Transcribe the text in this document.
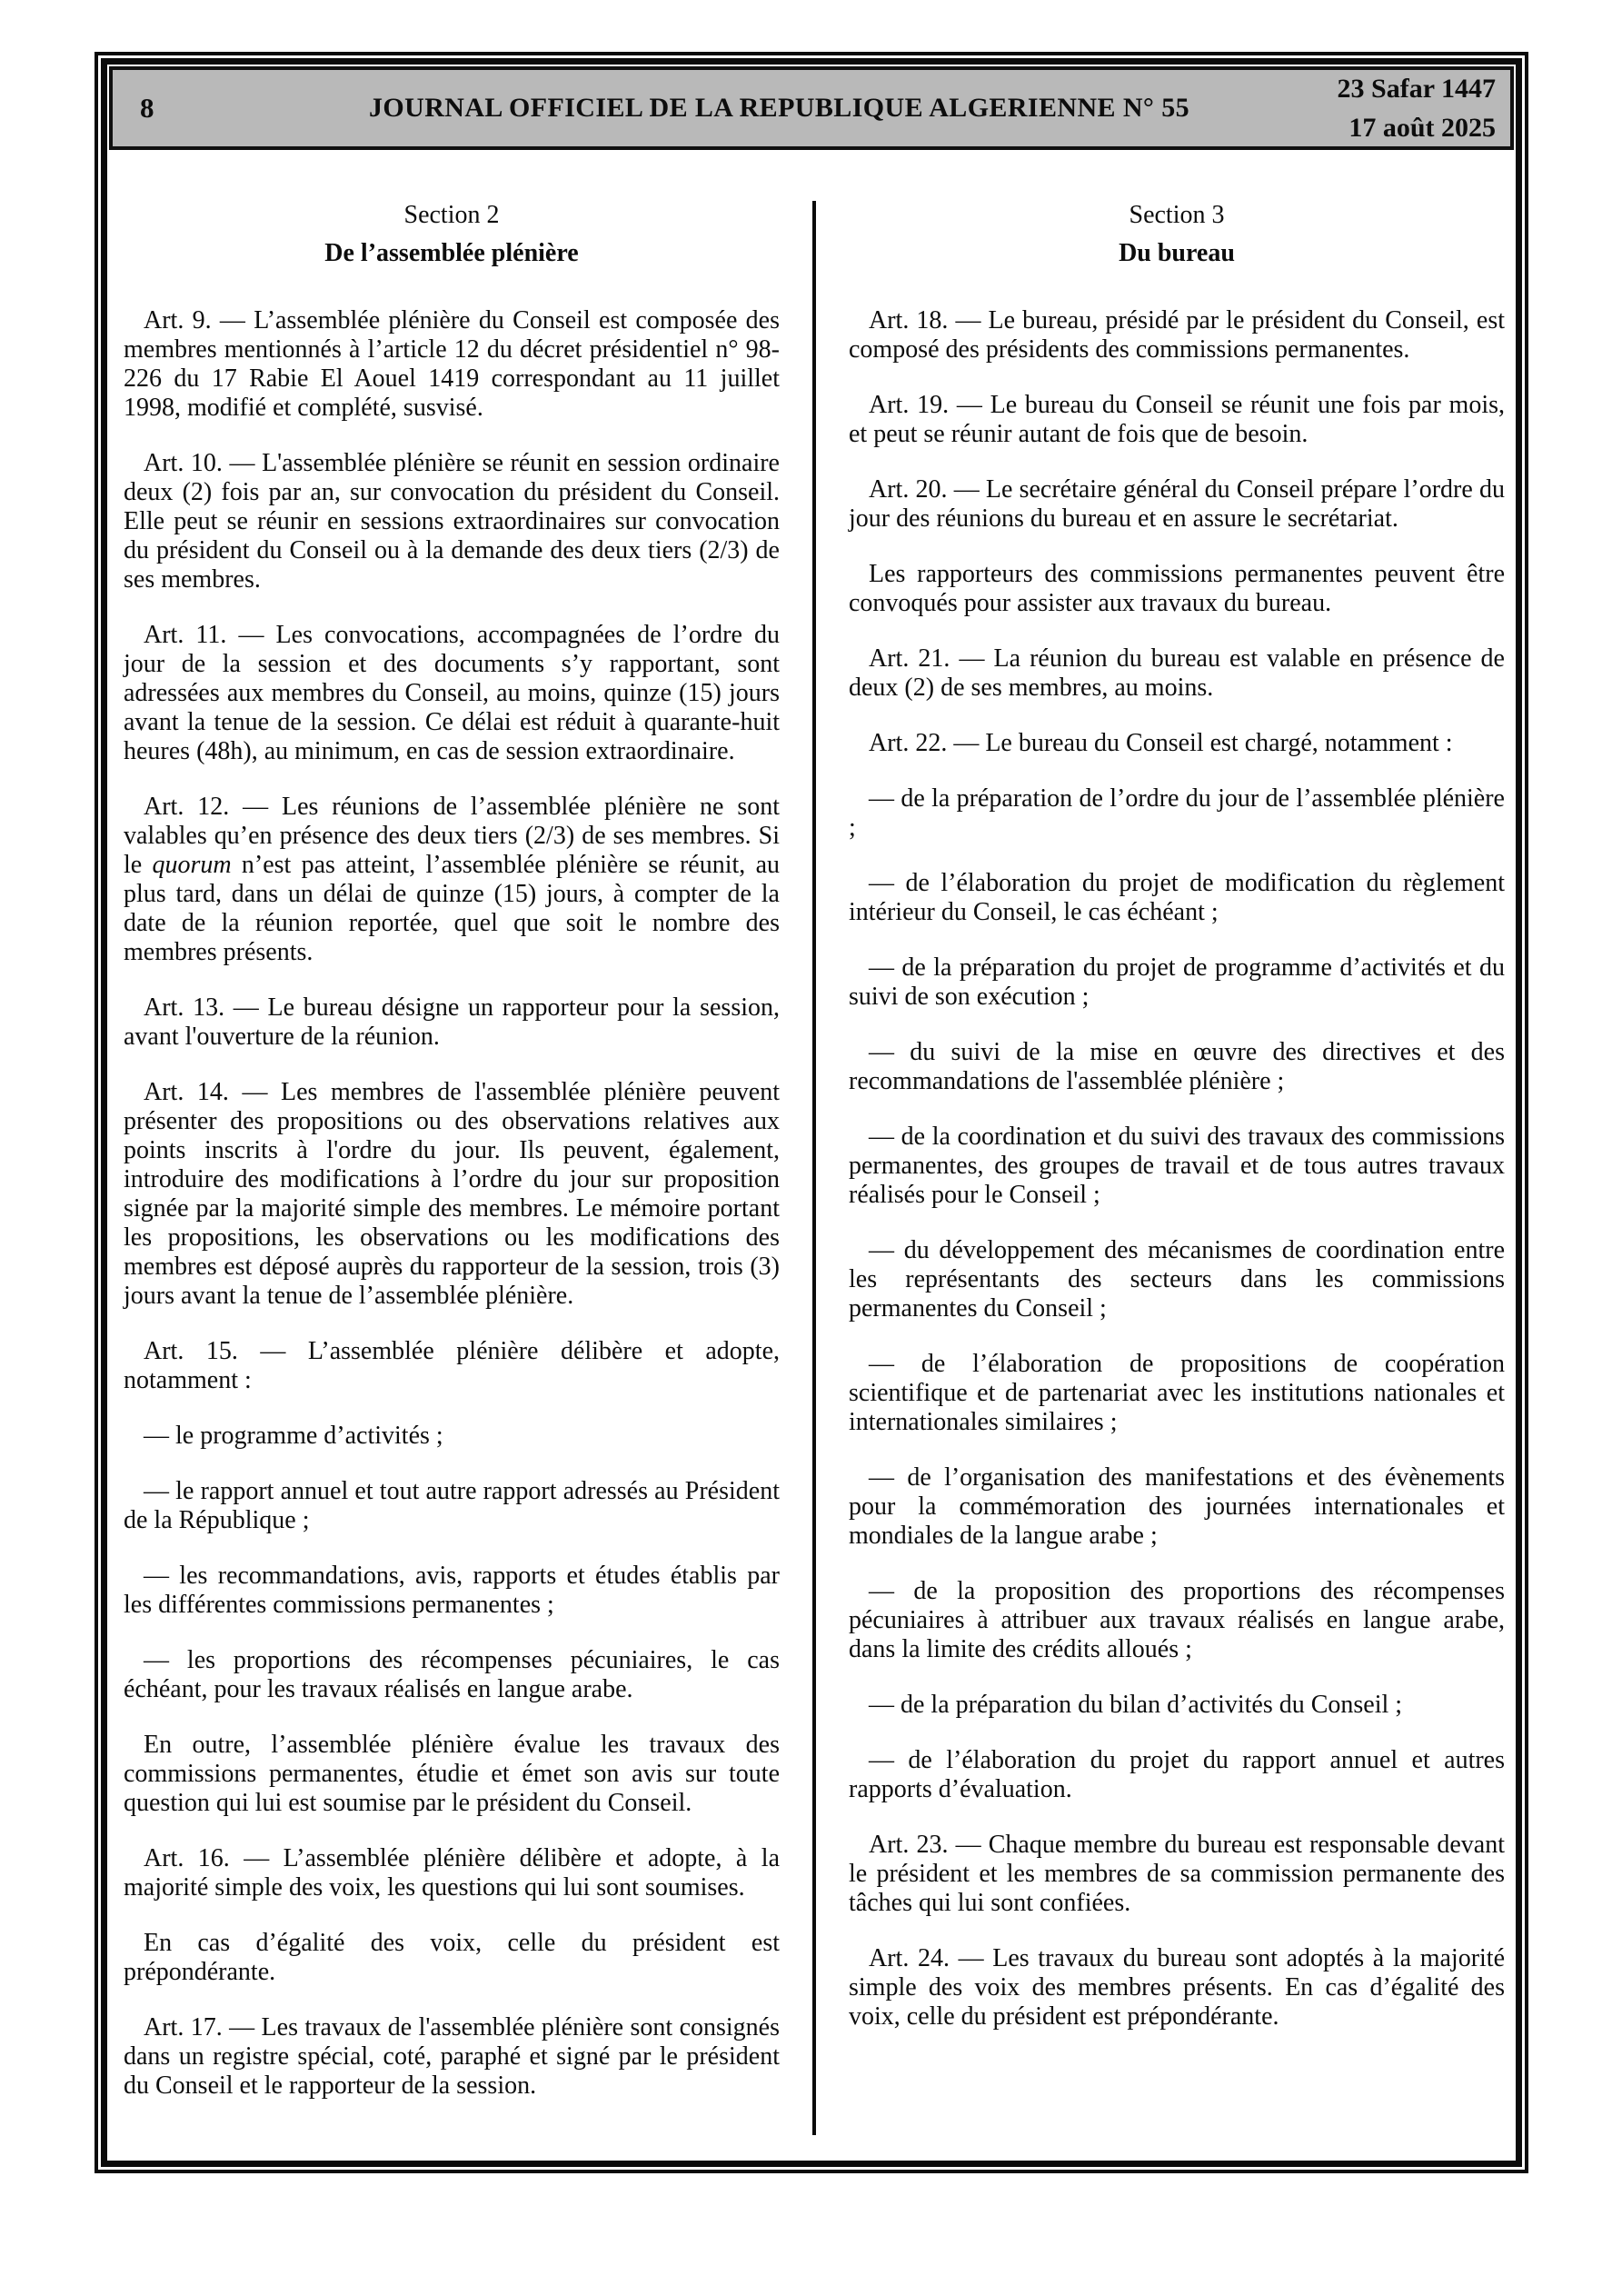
8	JOURNAL OFFICIEL DE LA REPUBLIQUE ALGERIENNE N° 55
23 Safar 1447
17 août 2025

Section 2

De l’assemblée plénière

Art. 9. — L’assemblée plénière du Conseil est composée des membres mentionnés à l’article 12 du décret présidentiel n° 98-226 du 17 Rabie El Aouel 1419 correspondant au 11 juillet 1998, modifié et complété, susvisé.

Art. 10. — L'assemblée plénière se réunit en session ordinaire deux (2) fois par an, sur convocation du président du Conseil. Elle peut se réunir en sessions extraordinaires sur convocation du président du Conseil ou à la demande des deux tiers (2/3) de ses membres.

Art. 11. — Les convocations, accompagnées de l’ordre du jour de la session et des documents s’y rapportant, sont adressées aux membres du Conseil, au moins, quinze (15) jours avant la tenue de la session. Ce délai est réduit à quarante-huit heures (48h), au minimum, en cas de session extraordinaire.

Art. 12. — Les réunions de l’assemblée plénière ne sont valables qu’en présence des deux tiers (2/3) de ses membres. Si le quorum n’est pas atteint, l’assemblée plénière se réunit, au plus tard, dans un délai de quinze (15) jours, à compter de la date de la réunion reportée, quel que soit le nombre des membres présents.

Art. 13. — Le bureau désigne un rapporteur pour la session, avant l'ouverture de la réunion.

Art. 14. — Les membres de l'assemblée plénière peuvent présenter des propositions ou des observations relatives aux points inscrits à l'ordre du jour. Ils peuvent, également, introduire des modifications à l’ordre du jour sur proposition signée par la majorité simple des membres. Le mémoire portant les propositions, les observations ou les modifications des membres est déposé auprès du rapporteur de la session, trois (3) jours avant la tenue de l’assemblée plénière.

Art. 15. — L’assemblée plénière délibère et adopte, notamment :

— le programme d’activités ;

— le rapport annuel et tout autre rapport adressés au Président de la République ;

— les recommandations, avis, rapports et études établis par les différentes commissions permanentes ;

— les proportions des récompenses pécuniaires, le cas échéant, pour les travaux réalisés en langue arabe.

En outre, l’assemblée plénière évalue les travaux des commissions permanentes, étudie et émet son avis sur toute question qui lui est soumise par le président du Conseil.

Art. 16. — L’assemblée plénière délibère et adopte, à la majorité simple des voix, les questions qui lui sont soumises.

En cas d’égalité des voix, celle du président est prépondérante.

Art. 17. — Les travaux de l'assemblée plénière sont consignés dans un registre spécial, coté, paraphé et signé par le président du Conseil et le rapporteur de la session.

Section 3

Du bureau

Art. 18. — Le bureau, présidé par le président du Conseil, est composé des présidents des commissions permanentes.

Art. 19. — Le bureau du Conseil se réunit une fois par mois, et peut se réunir autant de fois que de besoin.

Art. 20. — Le secrétaire général du Conseil prépare l’ordre du jour des réunions du bureau et en assure le secrétariat.

Les rapporteurs des commissions permanentes peuvent être convoqués pour assister aux travaux du bureau.

Art. 21. — La réunion du bureau est valable en présence de deux (2) de ses membres, au moins.

Art. 22. — Le bureau du Conseil est chargé, notamment :

— de la préparation de l’ordre du jour de l’assemblée plénière ;

— de l’élaboration du projet de modification du règlement intérieur du Conseil, le cas échéant ;

— de la préparation du projet de programme d’activités et du suivi de son exécution ;

— du suivi de la mise en œuvre des directives et des recommandations de l'assemblée plénière ;

— de la coordination et du suivi des travaux des commissions permanentes, des groupes de travail et de tous autres travaux réalisés pour le Conseil ;

— du développement des mécanismes de coordination entre les représentants des secteurs dans les commissions permanentes du Conseil ;

— de l’élaboration de propositions de coopération scientifique et de partenariat avec les institutions nationales et internationales similaires ;

— de l’organisation des manifestations et des évènements pour la commémoration des journées internationales et mondiales de la langue arabe ;

— de la proposition des proportions des récompenses pécuniaires à attribuer aux travaux réalisés en langue arabe, dans la limite des crédits alloués ;

— de la préparation du bilan d’activités du Conseil ;

— de l’élaboration du projet du rapport annuel et autres rapports d’évaluation.

Art. 23. — Chaque membre du bureau est responsable devant le président et les membres de sa commission permanente des tâches qui lui sont confiées.

Art. 24. — Les travaux du bureau sont adoptés à la majorité simple des voix des membres présents. En cas d’égalité des voix, celle du président est prépondérante.
